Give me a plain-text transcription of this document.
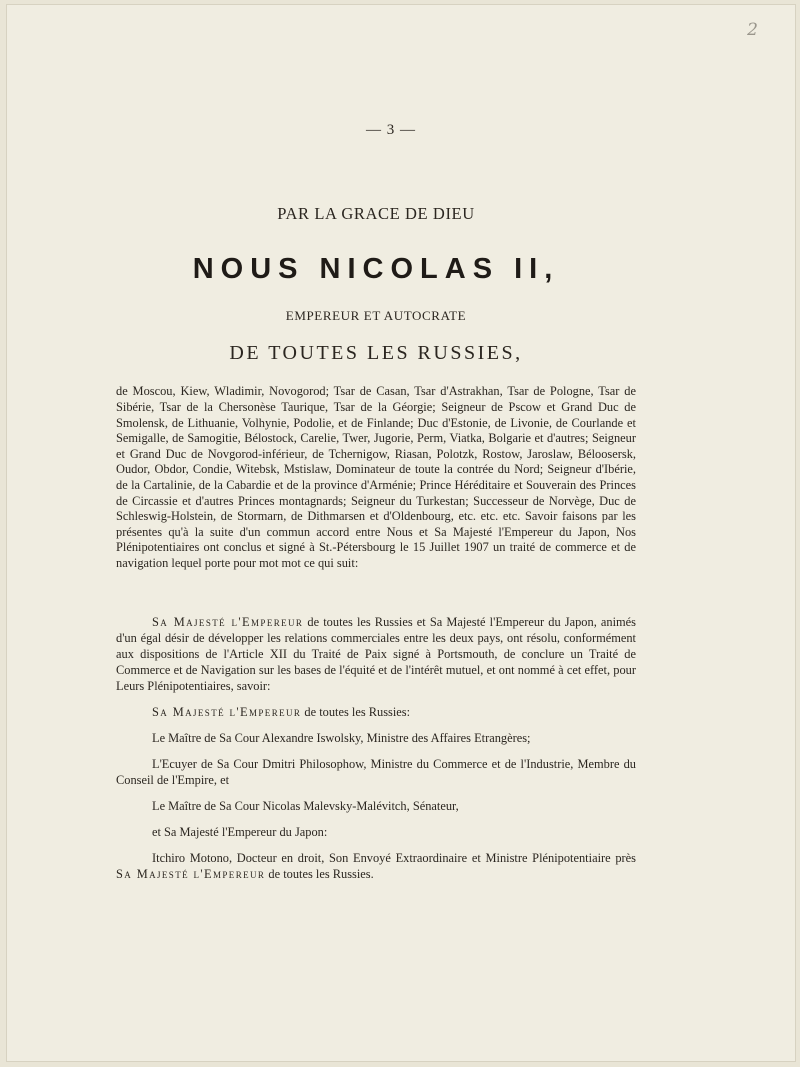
2
— 3 —
PAR LA GRACE DE DIEU
NOUS NICOLAS II,
EMPEREUR ET AUTOCRATE
DE TOUTES LES RUSSIES,

de Moscou, Kiew, Wladimir, Novogorod; Tsar de Casan, Tsar d'Astrakhan, Tsar de Pologne, Tsar de Sibérie, Tsar de la Chersonèse Taurique, Tsar de la Géorgie; Seigneur de Pscow et Grand Duc de Smolensk, de Lithuanie, Volhynie, Podolie, et de Finlande; Duc d'Estonie, de Livonie, de Courlande et Semigalle, de Samogitie, Bélostock, Carelie, Twer, Jugorie, Perm, Viatka, Bolgarie et d'autres; Seigneur et Grand Duc de Novgorod-inférieur, de Tchernigow, Riasan, Polotzk, Rostow, Jaroslaw, Béloosersk, Oudor, Obdor, Condie, Witebsk, Mstislaw, Dominateur de toute la contrée du Nord; Seigneur d'Ibérie, de la Cartalinie, de la Cabardie et de la province d'Arménie; Prince Héréditaire et Souverain des Princes de Circassie et d'autres Princes montagnards; Seigneur du Turkestan; Successeur de Norvège, Duc de Schleswig-Holstein, de Stormarn, de Dithmarsen et d'Oldenbourg, etc. etc. etc. Savoir faisons par les présentes qu'à la suite d'un commun accord entre Nous et Sa Majesté l'Empereur du Japon, Nos Plénipotentiaires ont conclus et signé à St.-Pétersbourg le 15 Juillet 1907 un traité de commerce et de navigation lequel porte pour mot mot ce qui suit:

Sa Majesté l'Empereur de toutes les Russies et Sa Majesté l'Empereur du Japon, animés d'un égal désir de développer les relations commerciales entre les deux pays, ont résolu, conformément aux dispositions de l'Article XII du Traité de Paix signé à Portsmouth, de conclure un Traité de Commerce et de Navigation sur les bases de l'équité et de l'intérêt mutuel, et ont nommé à cet effet, pour Leurs Plénipotentiaires, savoir:

Sa Majesté l'Empereur de toutes les Russies:

Le Maître de Sa Cour Alexandre Iswolsky, Ministre des Affaires Etrangères;

L'Ecuyer de Sa Cour Dmitri Philosophow, Ministre du Commerce et de l'Industrie, Membre du Conseil de l'Empire, et

Le Maître de Sa Cour Nicolas Malevsky-Malévitch, Sénateur,

et Sa Majesté l'Empereur du Japon:

Itchiro Motono, Docteur en droit, Son Envoyé Extraordinaire et Ministre Plénipotentiaire près Sa Majesté l'Empereur de toutes les Russies.
